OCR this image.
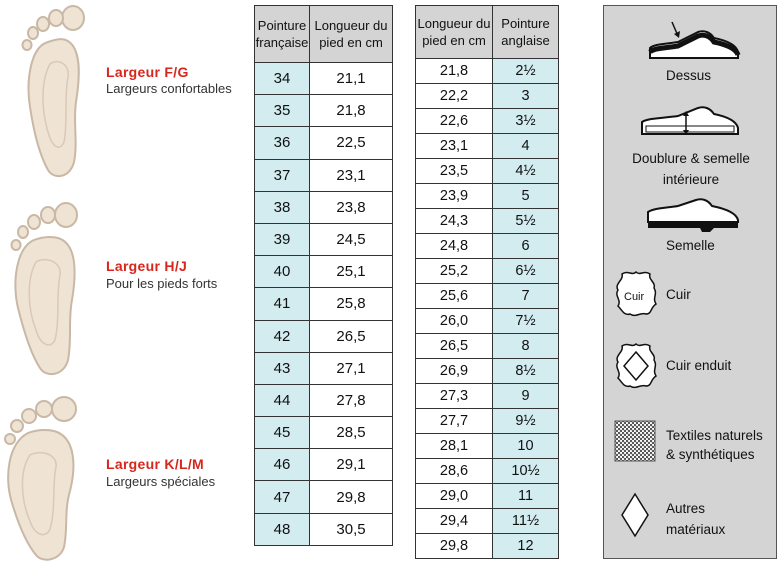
Largeur F/G
Largeurs confortables
Largeur H/J
Pour les pieds forts
Largeur K/L/M
Largeurs spéciales
Pointure française	Longueur du pied en cm
34	21,1
35	21,8
36	22,5
37	23,1
38	23,8
39	24,5
40	25,1
41	25,8
42	26,5
43	27,1
44	27,8
45	28,5
46	29,1
47	29,8
48	30,5
Longueur du pied en cm	Pointure anglaise
21,8	2½
22,2	3
22,6	3½
23,1	4
23,5	4½
23,9	5
24,3	5½
24,8	6
25,2	6½
25,6	7
26,0	7½
26,5	8
26,9	8½
27,3	9
27,7	9½
28,1	10
28,6	10½
29,0	11
29,4	11½
29,8	12
Dessus
Doublure & semelle intérieure
Semelle
Cuir Cuir
Cuir enduit
Textiles naturels & synthétiques
Autres matériaux
